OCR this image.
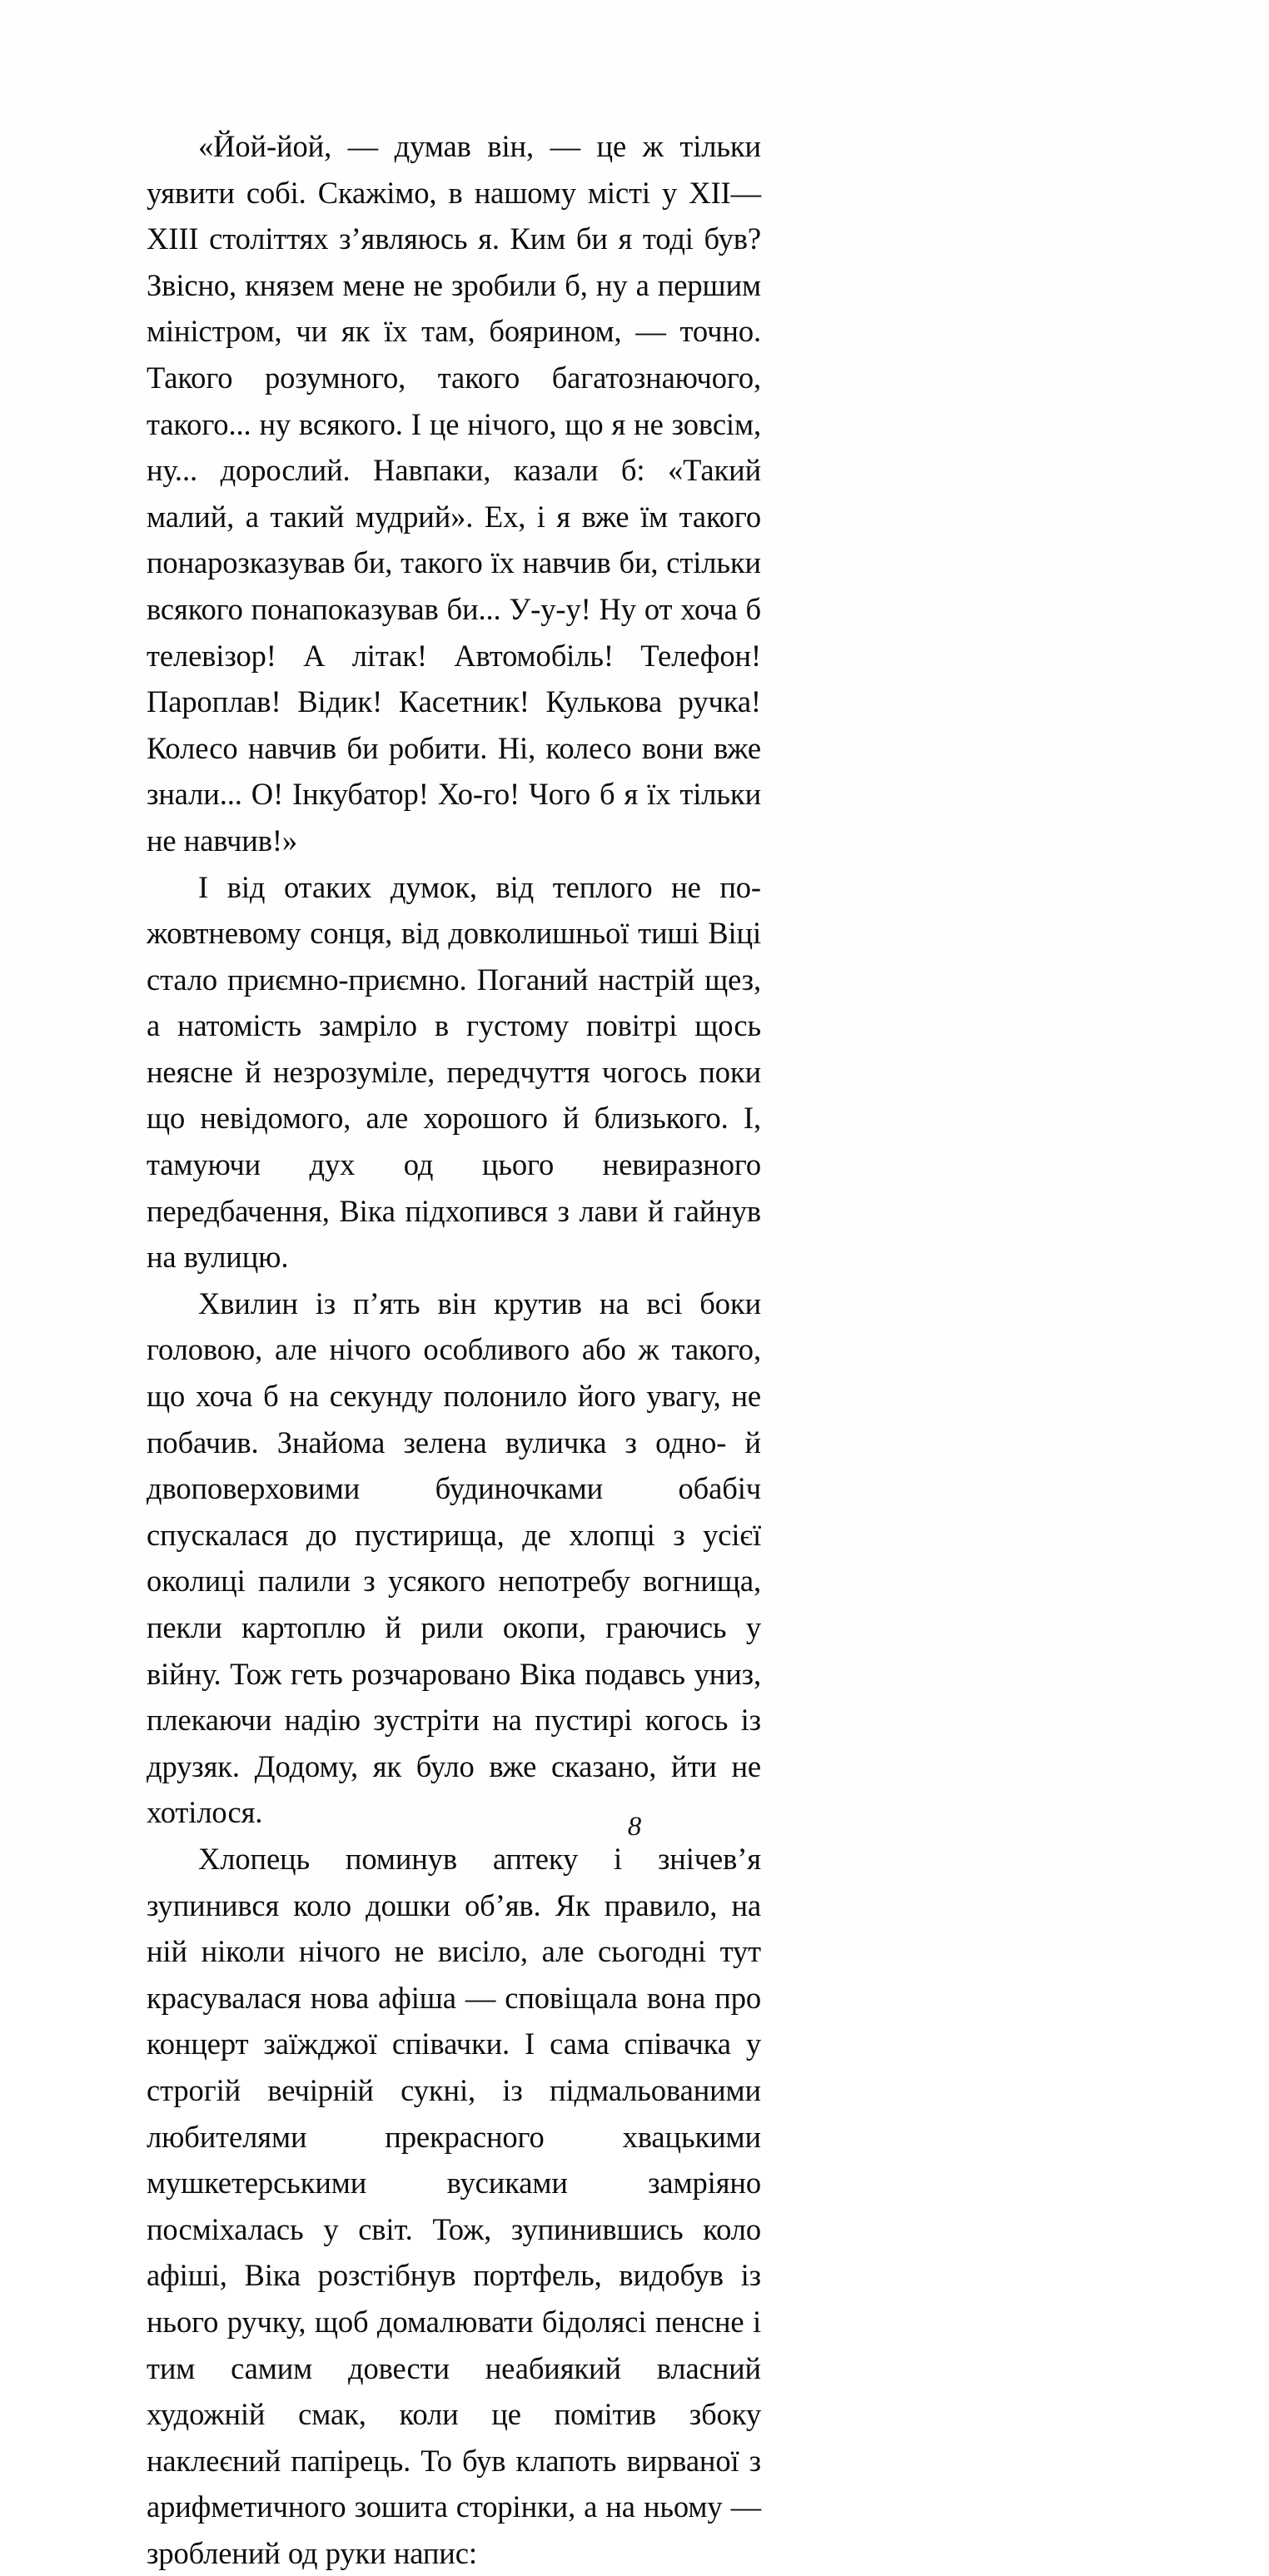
«Йой-йой, — думав він, — це ж тільки уявити собі. Скажімо, в нашому місті у XII—XIII століттях з’являюсь я. Ким би я тоді був? Звісно, князем мене не зробили б, ну а першим міністром, чи як їх там, боярином, — точно. Такого розумного, такого багатознаючого, такого... ну всякого. І це нічого, що я не зовсім, ну... дорослий. Навпаки, казали б: «Такий малий, а такий мудрий». Ех, і я вже їм такого понарозказував би, такого їх навчив би, стільки всякого понапоказував би... У-у-у! Ну от хоча б телевізор! А літак! Автомобіль! Телефон! Пароплав! Відик! Касетник! Кулькова ручка! Колесо навчив би робити. Ні, колесо вони вже знали... О! Інкубатор! Хо-го! Чого б я їх тільки не навчив!»

І від отаких думок, від теплого не по-жовтневому сонця, від довколишньої тиші Віці стало приємно-приємно. Поганий настрій щез, а натомість замріло в густому повітрі щось неясне й незрозуміле, передчуття чогось поки що невідомого, але хорошого й близького. І, тамуючи дух од цього невиразного передбачення, Віка підхопився з лави й гайнув на вулицю.

Хвилин із п’ять він крутив на всі боки головою, але нічого особливого або ж такого, що хоча б на секунду полонило його увагу, не побачив. Знайома зелена вуличка з одно- й двоповерховими будиночками обабіч спускалася до пустирища, де хлопці з усієї околиці палили з усякого непотребу вогнища, пекли картоплю й рили окопи, граючись у війну. Тож геть розчаровано Віка подавсь униз, плекаючи надію зустріти на пустирі когось із друзяк. Додому, як було вже сказано, йти не хотілося.

Хлопець поминув аптеку і знічев’я зупинився коло дошки об’яв. Як правило, на ній ніколи нічого не висіло, але сьогодні тут красувалася нова афіша — сповіщала вона про концерт заїжджої співачки. І сама співачка у строгій вечірній сукні, із підмальованими любителями прекрасного хвацькими мушкетерськими вусиками замріяно посміхалась у світ. Тож, зупинившись коло афіші, Віка розстібнув портфель, видобув із нього ручку, щоб домалювати бідолясі пенсне і тим самим довести неабиякий власний художній смак, коли це помітив збоку наклеєний папірець. То був клапоть вирваної з арифметичного зошита сторінки, а на ньому — зроблений од руки напис:

8
